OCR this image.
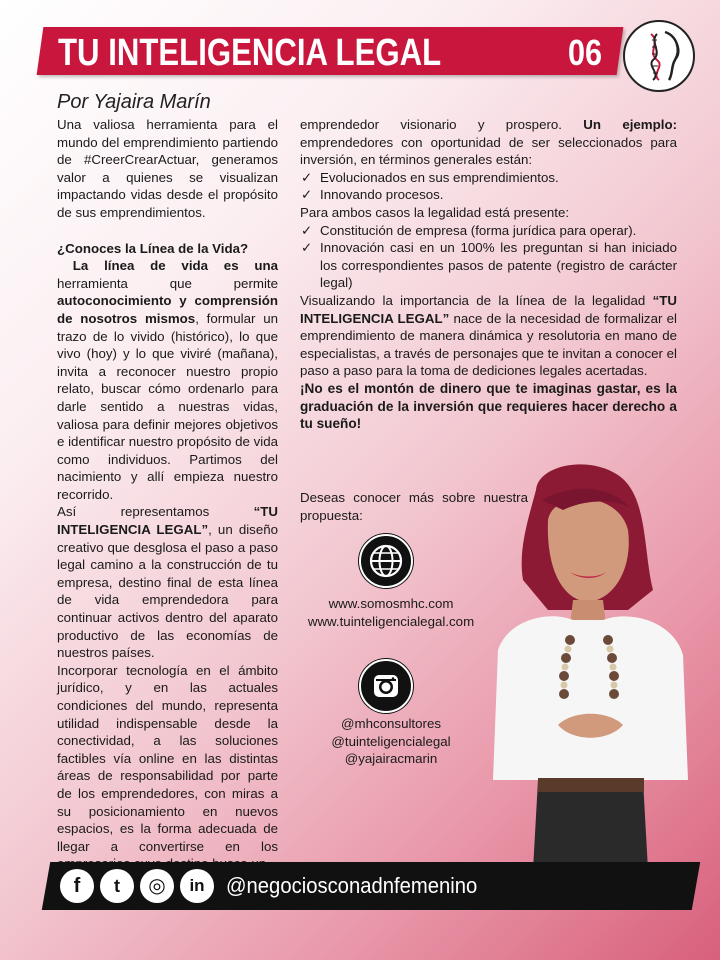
TU INTELIGENCIA LEGAL	06
Por Yajaira Marín

Una valiosa herramienta para el mundo del emprendimiento partiendo de #CreerCrearActuar, generamos valor a quienes se visualizan impactando vidas desde el propósito de sus emprendimientos.

¿Conoces la Línea de la Vida?

La línea de vida es una herramienta que permite autoconocimiento y comprensión de nosotros mismos, formular un trazo de lo vivido (histórico), lo que vivo (hoy) y lo que viviré (mañana), invita a reconocer nuestro propio relato, buscar cómo ordenarlo para darle sentido a nuestras vidas, valiosa para definir mejores objetivos e identificar nuestro propósito de vida como individuos. Partimos del nacimiento y allí empieza nuestro recorrido.

Así representamos “TU INTELIGENCIA LEGAL”, un diseño creativo que desglosa el paso a paso legal camino a la construcción de tu empresa, destino final de esta línea de vida emprendedora para continuar activos dentro del aparato productivo de las economías de nuestros países.

Incorporar tecnología en el ámbito jurídico, y en las actuales condiciones del mundo, representa utilidad indispensable desde la conectividad, a las soluciones factibles vía online en las distintas áreas de responsabilidad por parte de los emprendedores, con miras a su posicionamiento en nuevos espacios, es la forma adecuada de llegar a convertirse en los

emprendedor visionario y prospero. Un ejemplo: emprendedores con oportunidad de ser seleccionados para inversión, en términos generales están:

✓ Evolucionados en sus emprendimientos.

✓ Innovando procesos.

Para ambos casos la legalidad está presente:

✓ Constitución de empresa (forma jurídica para operar).

✓ Innovación casi en un 100% les preguntan si han iniciado los correspondientes pasos de patente (registro de carácter legal)

Visualizando la importancia de la línea de la legalidad “TU INTELIGENCIA LEGAL” nace de la necesidad de formalizar el emprendimiento de manera dinámica y resolutoria en mano de especialistas, a través de personajes que te invitan a conocer el paso a paso para la toma de dediciones legales acertadas.

¡No es el montón de dinero que te imaginas gastar, es la graduación de la inversión que requieres hacer derecho a tu sueño!

Deseas conocer más sobre nuestra propuesta:
www.somosmhc.com
www.tuinteligencialegal.com
@mhconsultores
@tuinteligencialegal
@yajairacmarin
f	t	◎	in @negociosconadnfemenino
